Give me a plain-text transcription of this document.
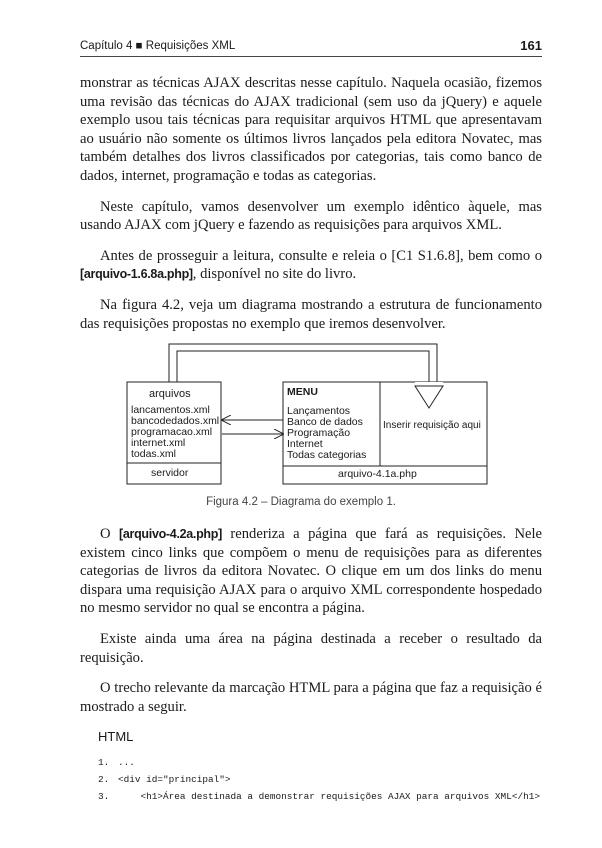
Capítulo 4 ■ Requisições XML	161

monstrar as técnicas AJAX descritas nesse capítulo. Naquela ocasião, fizemos uma revisão das técnicas do AJAX tradicional (sem uso da jQuery) e aquele exemplo usou tais técnicas para requisitar arquivos HTML que apresentavam ao usuário não somente os últimos livros lançados pela editora Novatec, mas também detalhes dos livros classificados por categorias, tais como banco de dados, internet, programação e todas as categorias.

Neste capítulo, vamos desenvolver um exemplo idêntico àquele, mas usando AJAX com jQuery e fazendo as requisições para arquivos XML.

Antes de prosseguir a leitura, consulte e releia o [C1 S1.6.8], bem como o [arquivo-1.6.8a.php], disponível no site do livro.

Na figura 4.2, veja um diagrama mostrando a estrutura de funcionamento das requisições propostas no exemplo que iremos desenvolver.

arquivos
lancamentos.xml
bancodedados.xml
programacao.xml
internet.xml
todas.xml
servidor
MENU
Lançamentos
Banco de dados
Programação
Internet
Todas categorias
Inserir requisição aqui
arquivo-4.1a.php
Figura 4.2 – Diagrama do exemplo 1.

O [arquivo-4.2a.php] renderiza a página que fará as requisições. Nele existem cinco links que compõem o menu de requisições para as diferentes categorias de livros da editora Novatec. O clique em um dos links do menu dispara uma requisição AJAX para o arquivo XML correspondente hospedado no mesmo servidor no qual se encontra a página.

Existe ainda uma área na página destinada a receber o resultado da requisição.

O trecho relevante da marcação HTML para a página que faz a requisição é mostrado a seguir.

HTML
1. ...
2. <div id="principal">
3.    <h1>Área destinada a demonstrar requisições AJAX para arquivos XML</h1>
